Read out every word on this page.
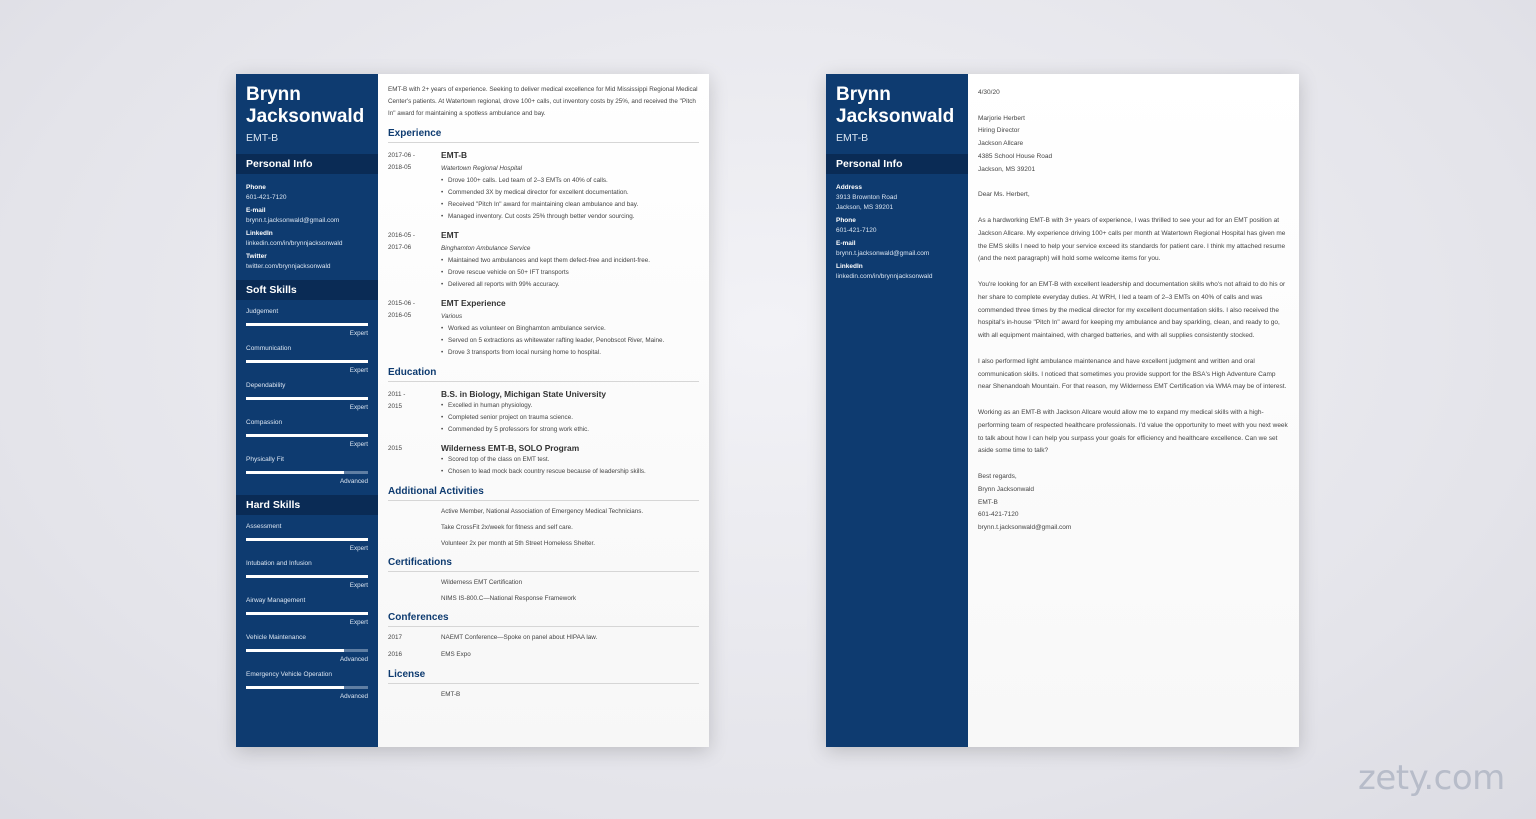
Brynn
Jacksonwald
EMT-B
Personal Info
Phone
601-421-7120
E-mail
brynn.t.jacksonwald@gmail.com
LinkedIn
linkedin.com/in/brynnjacksonwald
Twitter
twitter.com/brynnjacksonwald
Soft Skills
Judgement
Expert
Communication
Expert
Dependability
Expert
Compassion
Expert
Physically Fit
Advanced
Hard Skills
Assessment
Expert
Intubation and Infusion
Expert
Airway Management
Expert
Vehicle Maintenance
Advanced
Emergency Vehicle Operation
Advanced
EMT-B with 2+ years of experience. Seeking to deliver medical excellence for Mid Mississippi Regional Medical Center's patients. At Watertown regional, drove 100+ calls, cut inventory costs by 25%, and received the "Pitch In" award for maintaining a spotless ambulance and bay.
Experience
2017-06 -
2018-05
EMT-B
Watertown Regional Hospital
• Drove 100+ calls. Led team of 2–3 EMTs on 40% of calls.
• Commended 3X by medical director for excellent documentation.
• Received "Pitch In" award for maintaining clean ambulance and bay.
• Managed inventory. Cut costs 25% through better vendor sourcing.
2016-05 -
2017-06
EMT
Binghamton Ambulance Service
• Maintained two ambulances and kept them defect-free and incident-free.
• Drove rescue vehicle on 50+ IFT transports
• Delivered all reports with 99% accuracy.
2015-06 -
2016-05
EMT Experience
Various
• Worked as volunteer on Binghamton ambulance service.
• Served on 5 extractions as whitewater rafting leader, Penobscot River, Maine.
• Drove 3 transports from local nursing home to hospital.
Education
2011 -
2015
B.S. in Biology, Michigan State University
• Excelled in human physiology.
• Completed senior project on trauma science.
• Commended by 5 professors for strong work ethic.
2015	Wilderness EMT-B, SOLO Program
• Scored top of the class on EMT test.
• Chosen to lead mock back country rescue because of leadership skills.
Additional Activities
Active Member, National Association of Emergency Medical Technicians.
Take CrossFit 2x/week for fitness and self care.
Volunteer 2x per month at 5th Street Homeless Shelter.
Certifications
Wilderness EMT Certification
NIMS IS-800.C—National Response Framework
Conferences
2017	NAEMT Conference—Spoke on panel about HIPAA law.
2016	EMS Expo
License
EMT-B
Brynn
Jacksonwald
EMT-B
Personal Info
Address
3913 Brownton Road
Jackson, MS 39201
Phone
601-421-7120
E-mail
brynn.t.jacksonwald@gmail.com
LinkedIn
linkedin.com/in/brynnjacksonwald

4/30/20

Marjorie Herbert
Hiring Director
Jackson Allcare
4385 School House Road
Jackson, MS 39201

Dear Ms. Herbert,

As a hardworking EMT-B with 3+ years of experience, I was thrilled to see your ad for an EMT position at Jackson Allcare. My experience driving 100+ calls per month at Watertown Regional Hospital has given me the EMS skills I need to help your service exceed its standards for patient care. I think my attached resume (and the next paragraph) will hold some welcome items for you.

You're looking for an EMT-B with excellent leadership and documentation skills who's not afraid to do his or her share to complete everyday duties. At WRH, I led a team of 2–3 EMTs on 40% of calls and was commended three times by the medical director for my excellent documentation skills. I also received the hospital's in-house "Pitch In" award for keeping my ambulance and bay sparkling, clean, and ready to go, with all equipment maintained, with charged batteries, and with all supplies consistently stocked.

I also performed light ambulance maintenance and have excellent judgment and written and oral communication skills. I noticed that sometimes you provide support for the BSA's High Adventure Camp near Shenandoah Mountain. For that reason, my Wilderness EMT Certification via WMA may be of interest.

Working as an EMT-B with Jackson Allcare would allow me to expand my medical skills with a high-performing team of respected healthcare professionals. I'd value the opportunity to meet with you next week to talk about how I can help you surpass your goals for efficiency and healthcare excellence. Can we set aside some time to talk?

Best regards,
Brynn Jacksonwald
EMT-B
601-421-7120
brynn.t.jacksonwald@gmail.com

zety.com
